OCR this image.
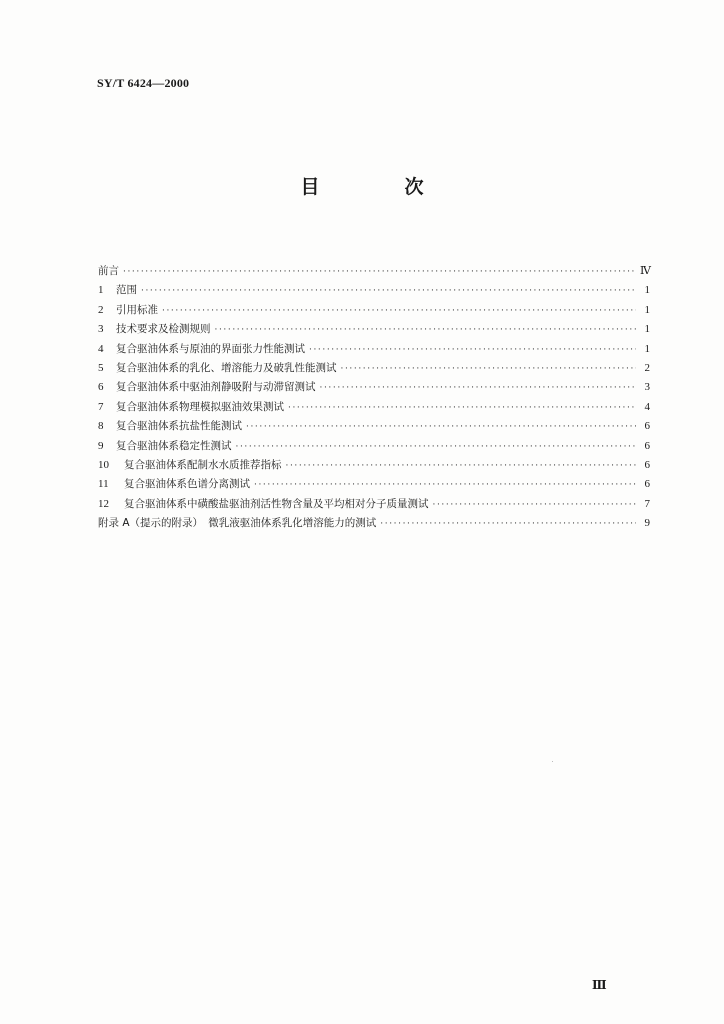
SY/T 6424—2000
目　次
前言 ·····	Ⅳ
1	范围 ·····	1
2	引用标准 ·····	1
3	技术要求及检测规则 ·····	1
4	复合驱油体系与原油的界面张力性能测试 ·····	1
5	复合驱油体系的乳化、增溶能力及破乳性能测试 ·····	2
6	复合驱油体系中驱油剂静吸附与动滞留测试 ·····	3
7	复合驱油体系物理模拟驱油效果测试 ·····	4
8	复合驱油体系抗盐性能测试 ·····	6
9	复合驱油体系稳定性测试 ·····	6
10	复合驱油体系配制水水质推荐指标 ·····	6
11	复合驱油体系色谱分离测试 ·····	6
12	复合驱油体系中磺酸盐驱油剂活性物含量及平均相对分子质量测试 ·····	7
附录 A（提示的附录）　微乳液驱油体系乳化增溶能力的测试 ·····	9
Ⅲ
